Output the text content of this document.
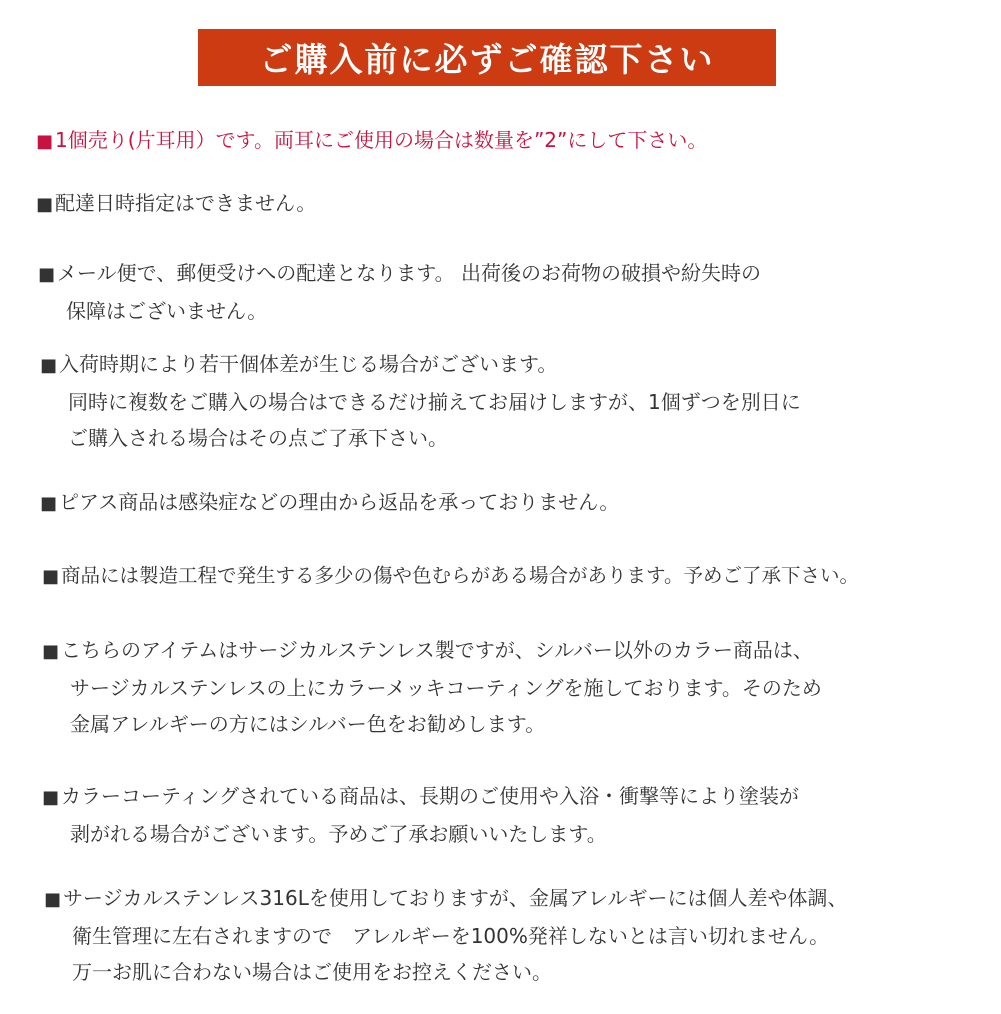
ご購入前に必ずご確認下さい
■ 1個売り(片耳用）です。両耳にご使用の場合は数量を”2”にして下さい。
■ 配達日時指定はできません。
■ メール便で、郵便受けへの配達となります。 出荷後のお荷物の破損や紛失時の
保障はございません。
■ 入荷時期により若干個体差が生じる場合がございます。
同時に複数をご購入の場合はできるだけ揃えてお届けしますが、1個ずつを別日に
ご購入される場合はその点ご了承下さい。
■ ピアス商品は感染症などの理由から返品を承っておりません。
■ 商品には製造工程で発生する多少の傷や色むらがある場合があります。予めご了承下さい。
■ こちらのアイテムはサージカルステンレス製ですが、シルバー以外のカラー商品は、
サージカルステンレスの上にカラーメッキコーティングを施しております。そのため
金属アレルギーの方にはシルバー色をお勧めします。
■ カラーコーティングされている商品は、長期のご使用や入浴・衝撃等により塗装が
剥がれる場合がございます。予めご了承お願いいたします。
■ サージカルステンレス316Lを使用しておりますが、金属アレルギーには個人差や体調、
衛生管理に左右されますので　アレルギーを100%発祥しないとは言い切れません。
万一お肌に合わない場合はご使用をお控えください。
